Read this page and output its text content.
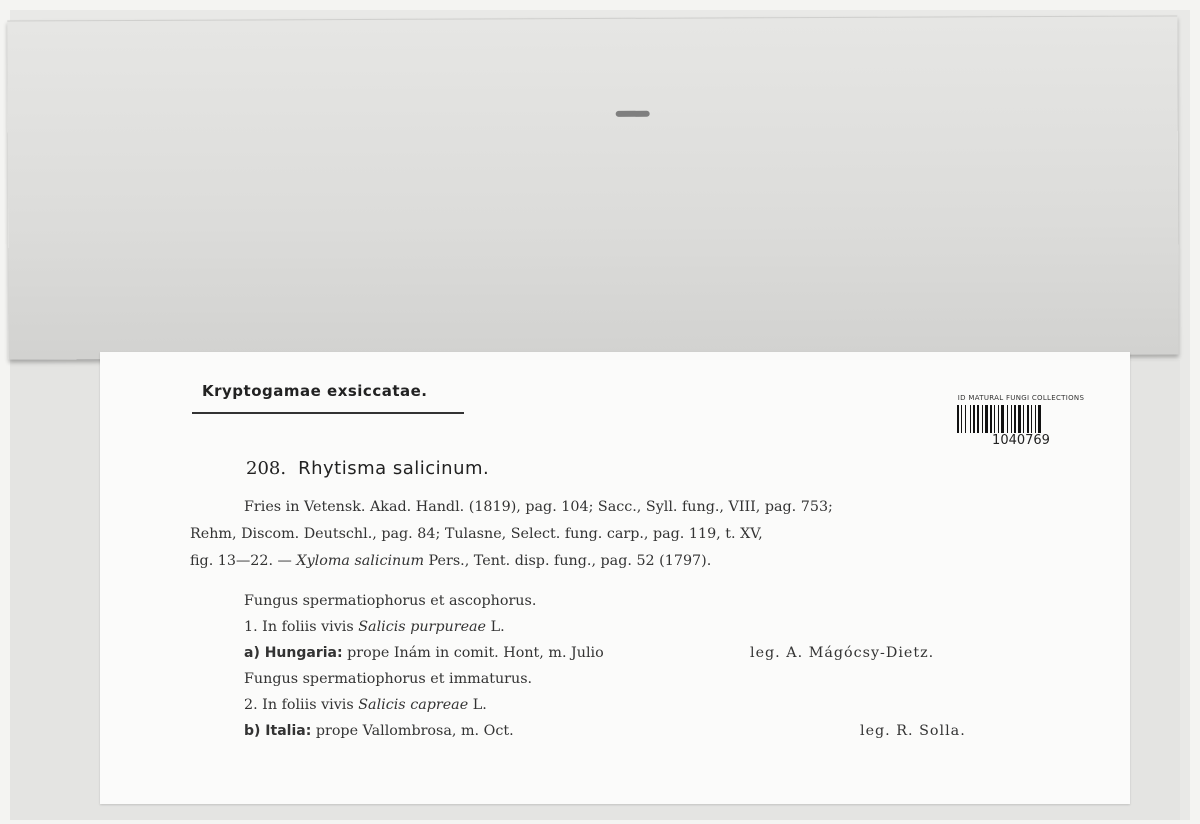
Kryptogamae exsiccatae.	ID MATURAL FUNGI COLLECTIONS
1040769
208. Rhytisma salicinum.
Fries in Vetensk. Akad. Handl. (1819), pag. 104; Sacc., Syll. fung., VIII, pag. 753;
Rehm, Discom. Deutschl., pag. 84; Tulasne, Select. fung. carp., pag. 119, t. XV,
fig. 13—22. — Xyloma salicinum Pers., Tent. disp. fung., pag. 52 (1797).
Fungus spermatiophorus et ascophorus.
1. In foliis vivis Salicis purpureae L.
a) Hungaria: prope Inám in comit. Hont, m. Julio	leg. A. Mágócsy-Dietz.
Fungus spermatiophorus et immaturus.
2. In foliis vivis Salicis capreae L.
b) Italia: prope Vallombrosa, m. Oct.	leg. R. Solla.
